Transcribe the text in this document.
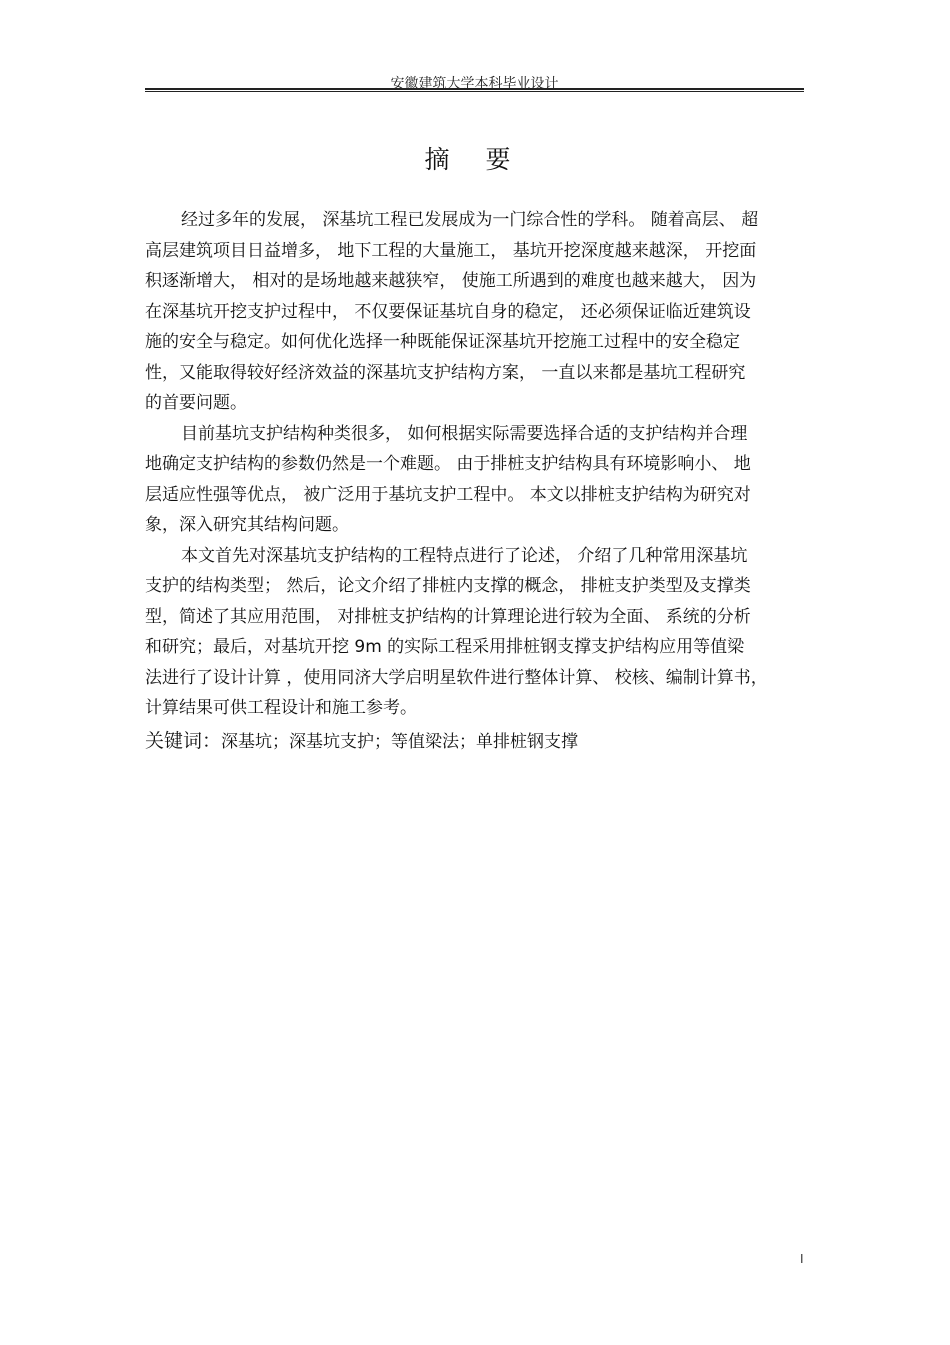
安徽建筑大学本科毕业设计
摘 要
经过多年的发展， 深基坑工程已发展成为一门综合性的学科。 随着高层、 超
高层建筑项目日益增多， 地下工程的大量施工， 基坑开挖深度越来越深， 开挖面
积逐渐增大， 相对的是场地越来越狭窄， 使施工所遇到的难度也越来越大， 因为
在深基坑开挖支护过程中， 不仅要保证基坑自身的稳定， 还必须保证临近建筑设
施的安全与稳定。如何优化选择一种既能保证深基坑开挖施工过程中的安全稳定
性，又能取得较好经济效益的深基坑支护结构方案， 一直以来都是基坑工程研究
的首要问题。
目前基坑支护结构种类很多， 如何根据实际需要选择合适的支护结构并合理
地确定支护结构的参数仍然是一个难题。 由于排桩支护结构具有环境影响小、 地
层适应性强等优点， 被广泛用于基坑支护工程中。 本文以排桩支护结构为研究对
象，深入研究其结构问题。
本文首先对深基坑支护结构的工程特点进行了论述， 介绍了几种常用深基坑
支护的结构类型； 然后，论文介绍了排桩内支撑的概念， 排桩支护类型及支撑类
型，简述了其应用范围， 对排桩支护结构的计算理论进行较为全面、 系统的分析
和研究；最后，对基坑开挖 9m 的实际工程采用排桩钢支撑支护结构应用等值梁
法进行了设计计算 ，使用同济大学启明星软件进行整体计算、 校核、编制计算书，
计算结果可供工程设计和施工参考。
关键词：深基坑；深基坑支护；等值梁法；单排桩钢支撑
I
